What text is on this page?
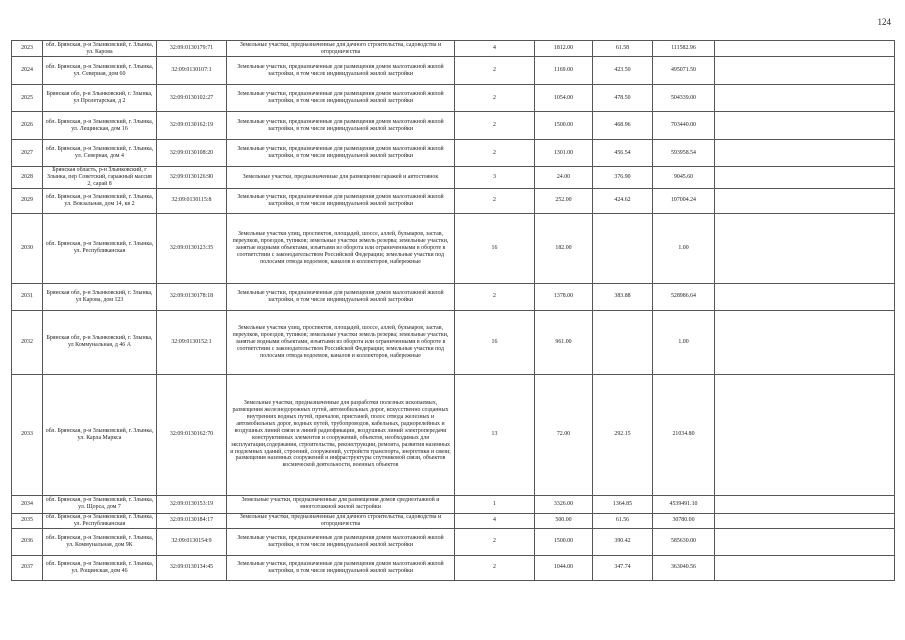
124
2023	обл. Брянская, р-н Злынковский, г. Злынка, ул. Карова	32:09:0130179:71	Земельные участки, предназначенные для дачного строительства, садоводства и огородничества	4	1812.00	61.58	111582.96	
2024	обл. Брянская, р-н Злынковский, г. Злынка, ул. Северная, дом 60	32:09:0130107:1	Земельные участки, предназначенные для размещения домов малоэтажной жилой застройки, в том числе индивидуальной жилой застройки	2	1169.00	423.50	495071.50	
2025	Брянская обл, р-н Злынковский, г. Злынка, ул Пролетарская, д 2	32:09:0130102:27	Земельные участки, предназначенные для размещения домов малоэтажной жилой застройки, в том числе индивидуальной жилой застройки	2	1054.00	478.50	504339.00	
2026	обл. Брянская, р-н Злынковский, г. Злынка, ул. Лещинская, дом 16	32:09:0130162:19	Земельные участки, предназначенные для размещения домов малоэтажной жилой застройки, в том числе индивидуальной жилой застройки	2	1500.00	468.96	703440.00	
2027	обл. Брянская, р-н Злынковский, г. Злынка, ул. Северная, дом 4	32:09:0130108:20	Земельные участки, предназначенные для размещения домов малоэтажной жилой застройки, в том числе индивидуальной жилой застройки	2	1301.00	456.54	593958.54	
2028	Брянская область, р-н Злынковский, г Злынка, пер Советский, гаражный массив 2, сарай 8	32:09:0130126:90	Земельные участки, предназначенные для размещения гаражей и автостоянок	3	24.00	376.90	9045.60	
2029	обл. Брянская, р-н Злынковский, г. Злынка, ул. Вокзальная, дом 14, кв 2	32:09:0130115:8	Земельные участки, предназначенные для размещения домов малоэтажной жилой застройки, в том числе индивидуальной жилой застройки	2	252.00	424.62	107004.24	
2030	обл. Брянская, р-н Злынковский, г. Злынка, ул. Республиканская	32:09:0130123:35	Земельные участки улиц, проспектов, площадей, шоссе, аллей, бульваров, застав, переулков, проездов, тупиков; земельные участки земель резерва; земельные участки, занятые водными объектами, изъятыми из оборота или ограниченными в обороте в соответствии с законодательством Российской Федерации; земельные участки под полосами отвода водоемов, каналов и коллекторов, набережные	16	182.00		1.00	
2031	Брянская обл, р-н Злынковский, г. Злынка, ул Карова, дом 123	32:09:0130178:18	Земельные участки, предназначенные для размещения домов малоэтажной жилой застройки, в том числе индивидуальной жилой застройки	2	1378.00	383.88	528986.64	
2032	Брянская обл, р-н Злынковский, г. Злынка, ул Коммунальная, д 46 А	32:09:0130152:1	Земельные участки улиц, проспектов, площадей, шоссе, аллей, бульваров, застав, переулков, проездов, тупиков; земельные участки земель резерва; земельные участки, занятые водными объектами, изъятыми из оборота или ограниченными в обороте в соответствии с законодательством Российской Федерации; земельные участки под полосами отвода водоемов, каналов и коллекторов, набережные	16	961.00		1.00	
2033	обл. Брянская, р-н Злынковский, г. Злынка, ул. Карла Маркса	32:09:0130162:70	Земельные участки, предназначенные для разработки полезных ископаемых, размещения железнодорожных путей, автомобильных дорог, искусственно созданных внутренних водных путей, причалов, пристаней, полос отвода железных и автомобильных дорог, водных путей, трубопроводов, кабельных, радиорелейных и воздушных линий связи и линий радиофикации, воздушных линий электропередачи конструктивных элементов и сооружений, объектов, необходимых для эксплуатации,содержания, строительства, реконструкции, ремонта, развития наземных и подземных зданий, строений, сооружений, устройств транспорта, энергетики и связи; размещения наземных сооружений и инфраструктуры спутниковой связи, объектов космической деятельности, военных объектов	13	72.00	292.15	21034.80	
2034	обл. Брянская, р-н Злынковский, г. Злынка, ул. Щорса, дом 7	32:09:0130153:19	Земельные участки, предназначенные для размещения домов среднеэтажной и многоэтажной жилой застройки	1	3326.00	1364.85	4539491.10	
2035	обл. Брянская, р-н Злынковский, г. Злынка, ул. Республиканская	32:09:0130184:17	Земельные участки, предназначенные для дачного строительства, садоводства и огородничества	4	500.00	61.56	30780.00	
2036	обл. Брянская, р-н Злынковский, г. Злынка, ул. Коммунальная, дом 9К	32:09:0130154:9	Земельные участки, предназначенные для размещения домов малоэтажной жилой застройки, в том числе индивидуальной жилой застройки	2	1500.00	390.42	585630.00	
2037	обл. Брянская, р-н Злынковский, г. Злынка, ул. Рощинская, дом 46	32:09:0130134:45	Земельные участки, предназначенные для размещения домов малоэтажной жилой застройки, в том числе индивидуальной жилой застройки	2	1044.00	347.74	363040.56	
